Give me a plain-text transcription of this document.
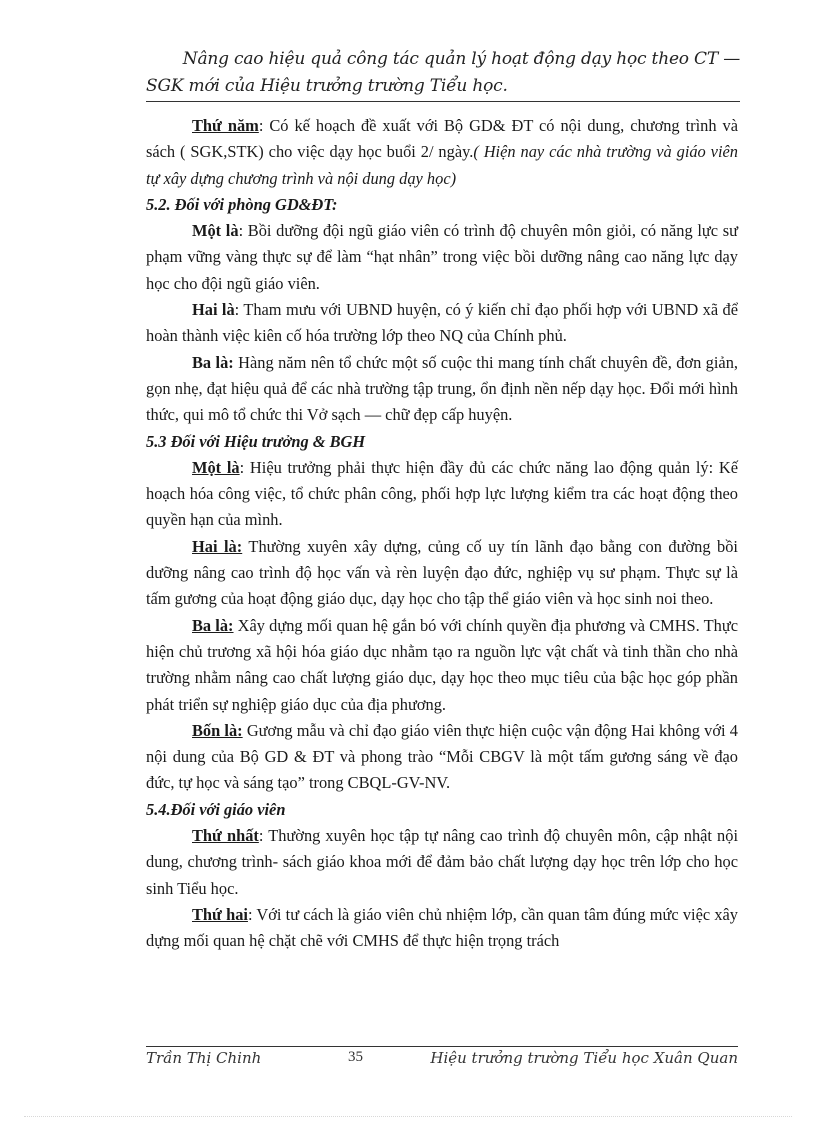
Nâng cao hiệu quả công tác quản lý hoạt động dạy học theo CT —
SGK mới của Hiệu trưởng trường Tiểu học.

Thứ năm: Có kế hoạch đề xuất với Bộ GD& ĐT có nội dung, chương trình và sách ( SGK,STK) cho việc dạy học buổi 2/ ngày.( Hiện nay các nhà trường và giáo viên tự xây dựng chương trình và nội dung dạy học)

5.2. Đối với phòng GD&ĐT:

Một là: Bồi dưỡng đội ngũ giáo viên có trình độ chuyên môn giỏi, có năng lực sư phạm vững vàng thực sự để làm “hạt nhân” trong việc bồi dưỡng nâng cao năng lực dạy học cho đội ngũ giáo viên.

Hai là: Tham mưu với UBND huyện, có ý kiến chỉ đạo phối hợp với UBND xã để hoàn thành việc kiên cố hóa trường lớp theo NQ của Chính phủ.

Ba là: Hàng năm nên tổ chức một số cuộc thi mang tính chất chuyên đề, đơn giản, gọn nhẹ, đạt hiệu quả để các nhà trường tập trung, ổn định nền nếp dạy học. Đổi mới hình thức, qui mô tổ chức thi Vở sạch — chữ đẹp cấp huyện.

5.3 Đối với Hiệu trưởng & BGH

Một là: Hiệu trưởng phải thực hiện đầy đủ các chức năng lao động quản lý: Kế hoạch hóa công việc, tổ chức phân công, phối hợp lực lượng kiểm tra các hoạt động theo quyền hạn của mình.

Hai là: Thường xuyên xây dựng, củng cố uy tín lãnh đạo bằng con đường bồi dưỡng nâng cao trình độ học vấn và rèn luyện đạo đức, nghiệp vụ sư phạm. Thực sự là tấm gương của hoạt động giáo dục, dạy học cho tập thể giáo viên và học sinh noi theo.

Ba là: Xây dựng mối quan hệ gắn bó với chính quyền địa phương và CMHS. Thực hiện chủ trương xã hội hóa giáo dục nhằm tạo ra nguồn lực vật chất và tinh thần cho nhà trường nhằm nâng cao chất lượng giáo dục, dạy học theo mục tiêu của bậc học góp phần phát triển sự nghiệp giáo dục của địa phương.

Bốn là: Gương mẫu và chỉ đạo giáo viên thực hiện cuộc vận động Hai không với 4 nội dung của Bộ GD & ĐT và phong trào “Mỗi CBGV là một tấm gương sáng về đạo đức, tự học và sáng tạo” trong CBQL-GV-NV.

5.4.Đối với giáo viên

Thứ nhất: Thường xuyên học tập tự nâng cao trình độ chuyên môn, cập nhật nội dung, chương trình- sách giáo khoa mới để đảm bảo chất lượng dạy học trên lớp cho học sinh Tiểu học.

Thứ hai: Với tư cách là giáo viên chủ nhiệm lớp, cần quan tâm đúng mức việc xây dựng mối quan hệ chặt chẽ với CMHS để thực hiện trọng trách

Trần Thị Chinh	35	Hiệu trưởng trường Tiểu học Xuân Quan
